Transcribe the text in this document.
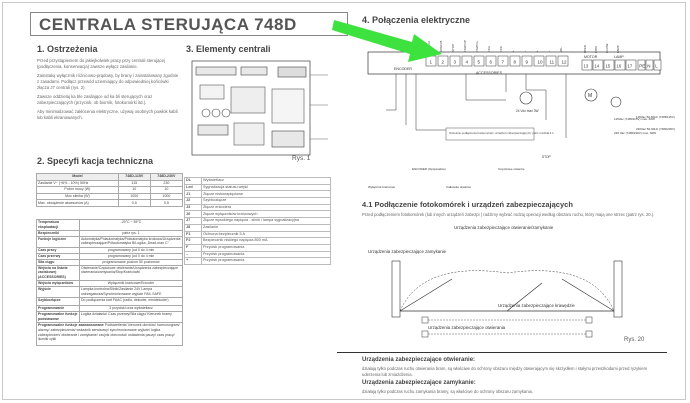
CENTRALA STERUJĄCA 748D
1. Ostrzeżenia

Przed przystąpieniem do jakiejkolwiek pracy przy centrali sterującej (podłączenia, konserwacja) zawsze wyłącz zasilanie.

Zainstaluj wyłącznik różnicowo-prądowy, by brany i zainstalowany zgodnie z zasadami. Podłącz przewód uziemiający do odpowiedniej końcówki złącza J7 centrali (rys. 2)

Zawsze oddzielaj ka ble zasilające od ka bli sterujących oraz zabezpieczających (przycisk, ob biornik, fotokomórki itd.).

Aby minimalizować zakłócenia elektryczne, używaj osobnych powłok kabli lub kabli ekranowanych.

2. Specyfi kacja techniczna
Model	748D-115V	748D-230V
Zasilanie V~ (+6% - 10%) 50Hz	115	230
Pobór mocy (W)	10	10
Moc silnika (W)	1000	1000
Max. obciążenie akcesoriów (A)	0,5	0,5
Temperatura eksploatacji	-20°C ÷ 55°C
Bezpieczniki	patrz rys. 1
Funkcje logiczne	Automatyka/Półautomatyka/Półautomatyka krokowa/Urządzenia zabezpieczające/Półautomatyka B/Logika „Dead-man C”
Czas pracy	programowany (od 0 do 4 min
Czas przerwy	programowany (od 0 do 4 min
Siła ciągu	programowane poziom 50 poziomów
Wejścia na listwie zaciskowej (ACCESSORIES)	Otwieranie/Częściowe otwieranie/Urządzenia zabezpieczające otwierania/zamykania/Stop/Krańcówki
Wejścia wyłączników	Wyłączniki krańcowe/Encoder
Wyjście	Lampka kontrolna/Silnik/Zasilanie 24V Lampa ostrzegawcza/Synchronizowane wyjście FAIL SAFE
Szybkozłącze	Do podłączenia kart FAAC (radio, dekoder, minidekoder)
Programowanie	3 przyciski oraz wyświetlacz
Programowalne funkcje podstawowe	Logika działania/ Czas przerwy/Siła ciągu/ Kierunek bramy
Programowalne funkcje zaawansowane Podświetlenie/ kierunek obrotów/ harmonogram/ alarmy/ zabezpieczenia/ wskaźnik serwisowy/ synchronizowane wyjście/ logika zabezpieczeń/ otwieranie i zamykanie/ czujnik obecności/ ustawienia pauzy/ czas pracy/ liczniki cykli	
3. Elementy centrali
Rys. 1
DL	Wyświetlacz
Led	Sygnalizacja statusu wejść
J1	Złącze niskonapięciowe
J2	Szybkozłącze
J3	Złącze enkodera
J6	Złącze wyłączników krańcowych
J7	Złącze wysokiego napięcia - silnik i lampa sygnalizacyjna
J8	Zasilanie
F1	Ochrona bezpiecznik 5 A
F2	Bezpiecznik niskiego napięcia 800 mA
F	Przycisk programowania
–	Przycisk programowania
+	Przycisk programowania
4. Połączenia elektryczne
ENCODER
ACCESSORIES
MOTOR	LAMP
1 2
OPEN B
3
STOP
4
FSW OP
5
FSW CL
6
FCA
7
FCC
8
+
9
–
10
+
11
–
12
W.L.
13 14 15 16 17
OPEN	COM	CLOSE	LAMP
PE N L
24 Vdc max 3W
M
115Vac (748D115V) max. 60W
230 Vac (748D230V) max. 60W
115Vac 50-60Hz (748D115V)
230Vac 50-60Hz (748D230V)
Odnośnie podłączenia fotokomórek i urządzeń zabezpieczających: patrz rozdział 4.1
STOP
Wyłącznik krańcowe
ENCODER (Opcjonalnie)
Całkowite otwarcie
Częściowe otwarcie
4.1 Podłączenie fotokomórek i urządzeń zabezpieczających
Przed podłączeniem fotokomórek (lub innych urządzeń zabezpi ) radzimy wybrać rodzaj operacji według obszaru ruchu, który mają one strzec (patrz rys. 20.).
Urządzenia zabezpieczające otwieranie/zamykanie
Urządzenia zabezpieczające zamykanie
Urządzenia zabezpieczające krawędzie
Urządzenia zabezpieczające otwierania
Rys. 20
Urządzenia zabezpieczające otwieranie:
działają tylko podczas ruchu otwierania bram, są właściwe do ochrony obszaru między otwierającym się skrzydłem i stałymi przeszkodami przed ryzykiem uderzenia lub zmiażdżenia.
Urządzenia zabezpieczające zamykanie:
działają tylko podczas ruchu zamykania bramy, są właściwe do ochrony obszaru zamykania.
